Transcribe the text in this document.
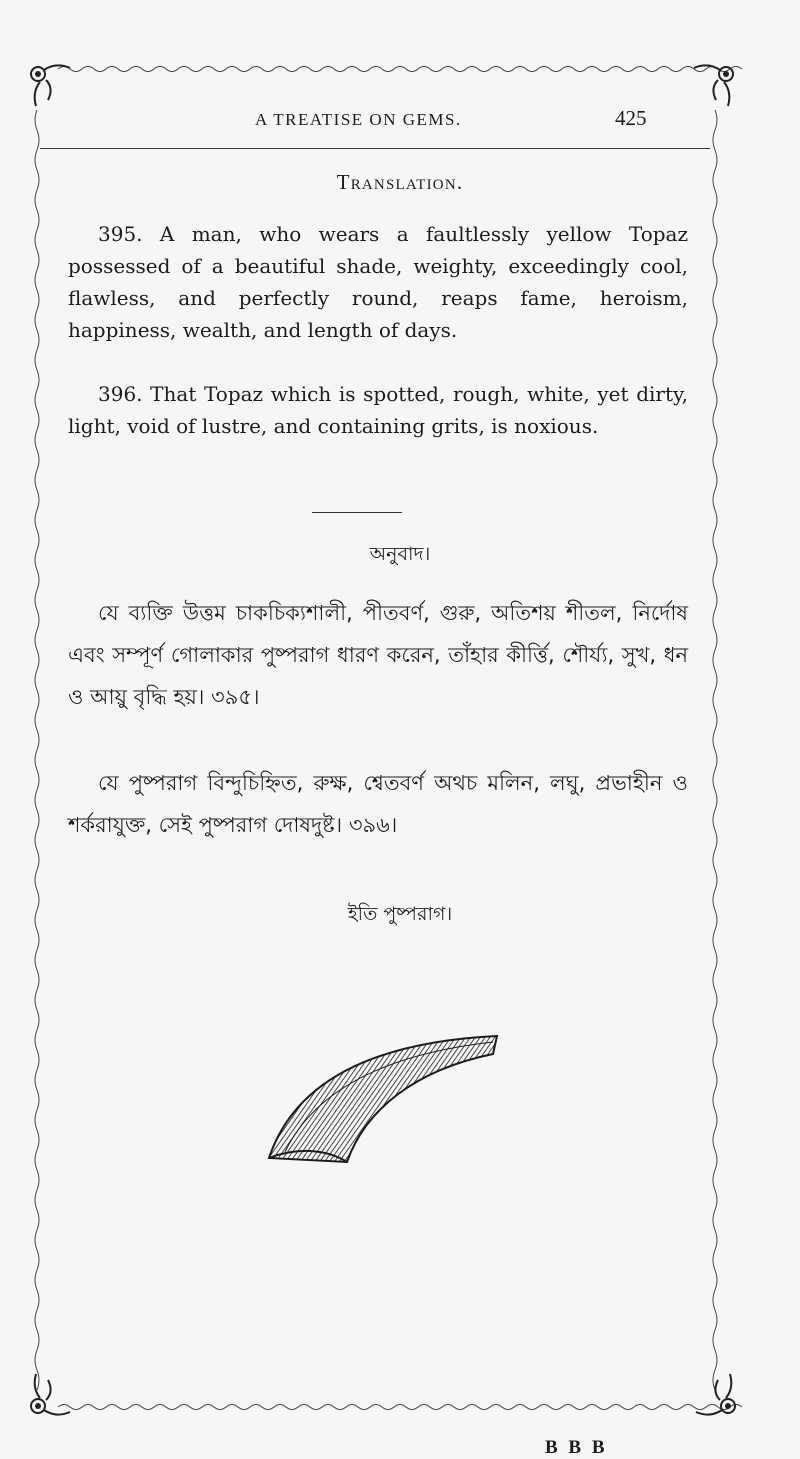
A TREATISE ON GEMS.	425
Translation.

395. A man, who wears a faultlessly yellow Topaz possessed of a beautiful shade, weighty, exceedingly cool, flawless, and perfectly round, reaps fame, heroism, happiness, wealth, and length of days.

396. That Topaz which is spotted, rough, white, yet dirty, light, void of lustre, and containing grits, is noxious.

অনুবাদ।

যে ব্যক্তি উত্তম চাকচিক্যশালী, পীতবর্ণ, গুরু, অতিশয় শীতল, নির্দোষ এবং সম্পূর্ণ গোলাকার পুষ্পরাগ ধারণ করেন, তাঁহার কীর্ত্তি, শৌর্য্য, সুখ, ধন ও আয়ু বৃদ্ধি হয়। ৩৯৫।

যে পুষ্পরাগ বিন্দুচিহ্নিত, রুক্ষ, শ্বেতবর্ণ অথচ মলিন, লঘু, প্রভাহীন ও শর্করাযুক্ত, সেই পুষ্পরাগ দোষদুষ্ট। ৩৯৬।

ইতি পুষ্পরাগ।
B B B
